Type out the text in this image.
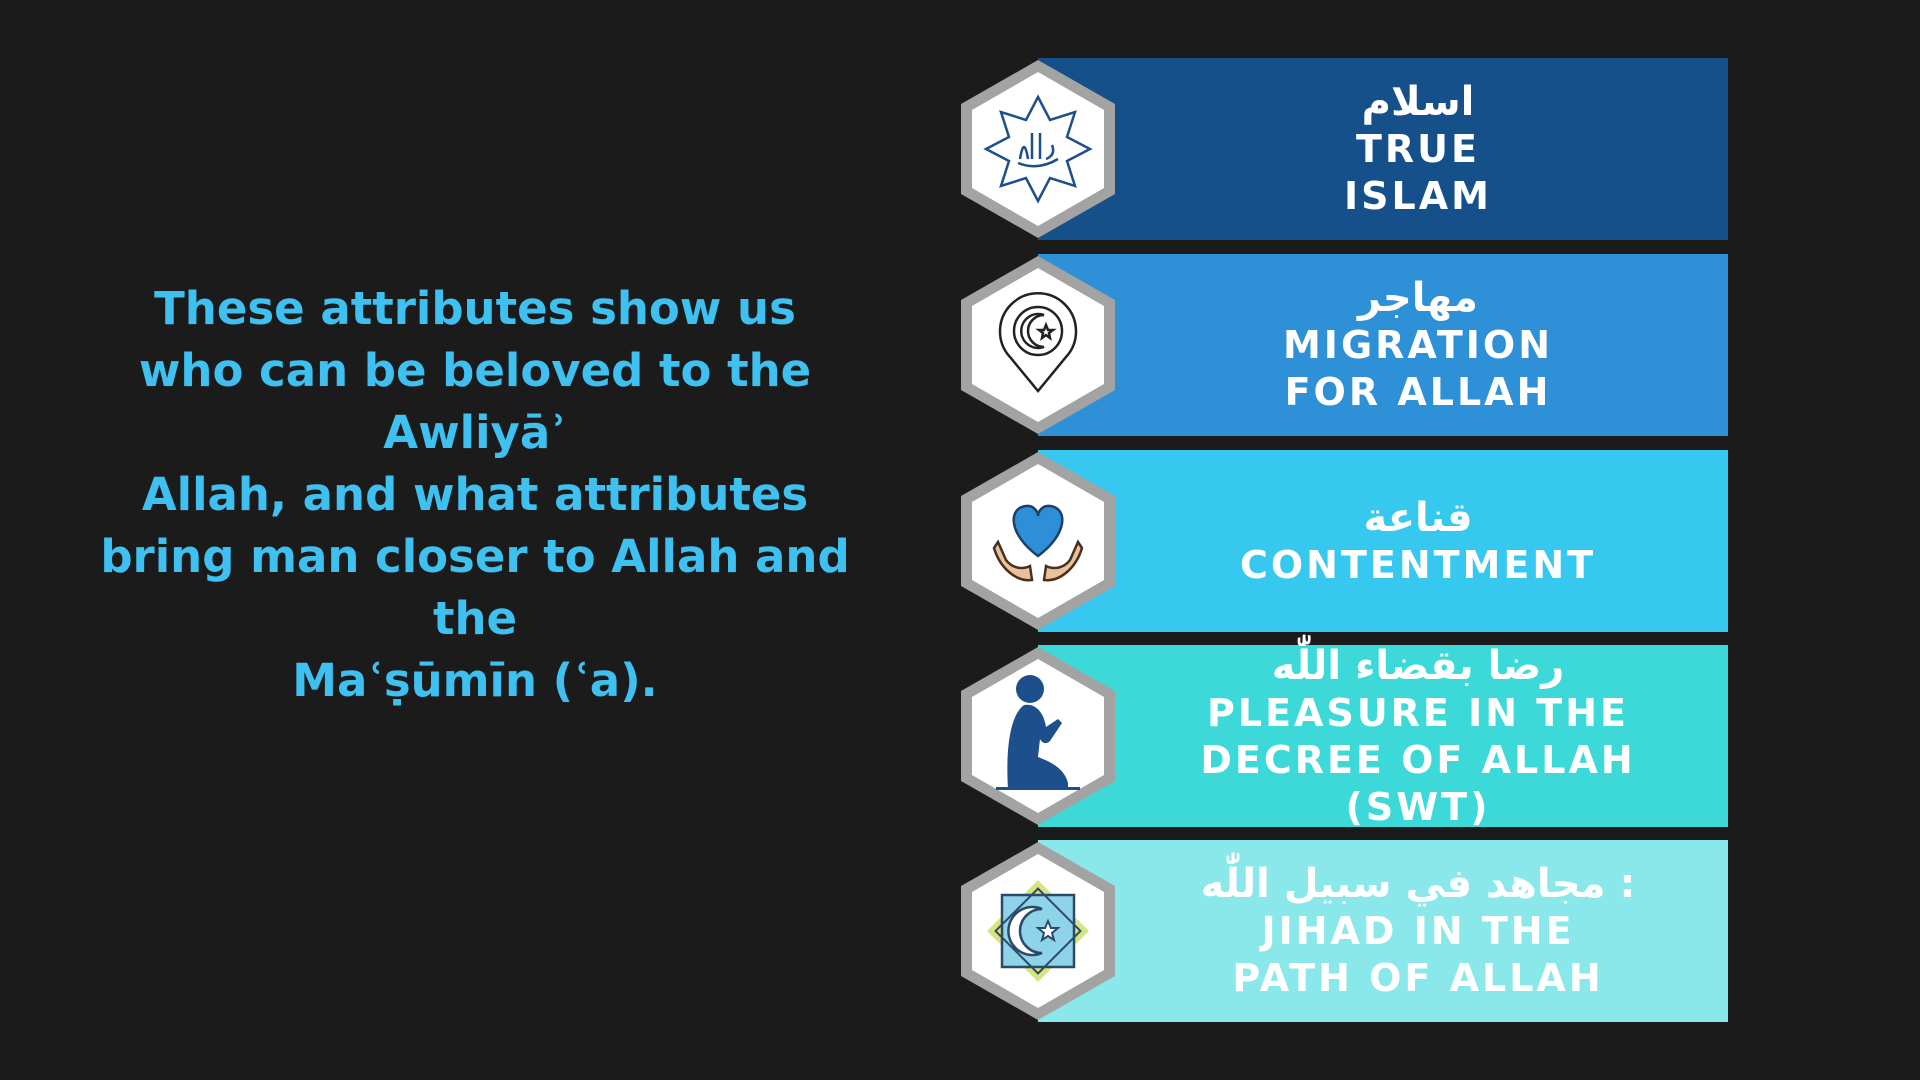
These attributes show us
who can be beloved to the
Awliyāʾ
Allah, and what attributes
bring man closer to Allah and
the
Maʿṣūmīn (ʿa).
اسلام
TRUE
ISLAM
مهاجر
MIGRATION
FOR ALLAH
قناعة
CONTENTMENT
رضا بقضاء اللّٰه
PLEASURE IN THE
DECREE OF ALLAH
(SWT)
مجاهد في سبيل اللّٰه :
JIHAD IN THE
PATH OF ALLAH
